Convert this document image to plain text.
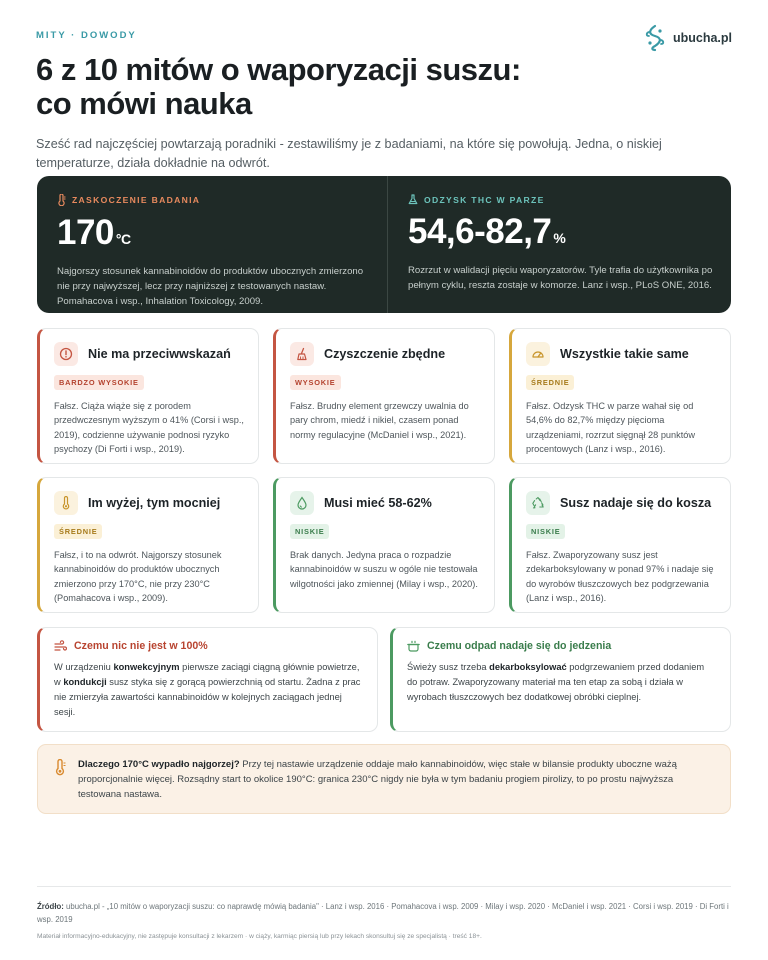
MITY · DOWODY	ubucha.pl
6 z 10 mitów o waporyzacji suszu:
co mówi nauka

Sześć rad najczęściej powtarzają poradniki - zestawiliśmy je z badaniami, na które się powołują. Jedna, o niskiej temperaturze, działa dokładnie na odwrót.

ZASKOCZENIE BADANIA
170 °C
Najgorszy stosunek kannabinoidów do produktów ubocznych zmierzono nie przy najwyższej, lecz przy najniższej z testowanych nastaw. Pomahacova i wsp., Inhalation Toxicology, 2009.
ODZYSK THC W PARZE
54,6-82,7 %
Rozrzut w walidacji pięciu waporyzatorów. Tyle trafia do użytkownika po pełnym cyklu, reszta zostaje w komorze. Lanz i wsp., PLoS ONE, 2016.
Nie ma przeciwwskazań
BARDZO WYSOKIE
Fałsz. Ciąża wiąże się z porodem przedwczesnym wyższym o 41% (Corsi i wsp., 2019), codzienne używanie podnosi ryzyko psychozy (Di Forti i wsp., 2019).
Czyszczenie zbędne
WYSOKIE
Fałsz. Brudny element grzewczy uwalnia do pary chrom, miedź i nikiel, czasem ponad normy regulacyjne (McDaniel i wsp., 2021).
Wszystkie takie same
ŚREDNIE
Fałsz. Odzysk THC w parze wahał się od 54,6% do 82,7% między pięcioma urządzeniami, rozrzut sięgnął 28 punktów procentowych (Lanz i wsp., 2016).
Im wyżej, tym mocniej
ŚREDNIE
Fałsz, i to na odwrót. Najgorszy stosunek kannabinoidów do produktów ubocznych zmierzono przy 170°C, nie przy 230°C (Pomahacova i wsp., 2009).
Musi mieć 58-62%
NISKIE
Brak danych. Jedyna praca o rozpadzie kannabinoidów w suszu w ogóle nie testowała wilgotności jako zmiennej (Milay i wsp., 2020).
Susz nadaje się do kosza
NISKIE
Fałsz. Zwaporyzowany susz jest zdekarboksylowany w ponad 97% i nadaje się do wyrobów tłuszczowych bez podgrzewania (Lanz i wsp., 2016).
Czemu nic nie jest w 100%

W urządzeniu konwekcyjnym pierwsze zaciągi ciągną głównie powietrze, w kondukcji susz styka się z gorącą powierzchnią od startu. Żadna z prac nie zmierzyła zawartości kannabinoidów w kolejnych zaciągach jednej sesji.

Czemu odpad nadaje się do jedzenia

Świeży susz trzeba dekarboksylować podgrzewaniem przed dodaniem do potraw. Zwaporyzowany materiał ma ten etap za sobą i działa w wyrobach tłuszczowych bez dodatkowej obróbki cieplnej.

Dlaczego 170°C wypadło najgorzej? Przy tej nastawie urządzenie oddaje mało kannabinoidów, więc stałe w bilansie produkty uboczne ważą proporcjonalnie więcej. Rozsądny start to okolice 190°C: granica 230°C nigdy nie była w tym badaniu progiem pirolizy, to po prostu najwyższa testowana nastawa.

Źródło: ubucha.pl - „10 mitów o waporyzacji suszu: co naprawdę mówią badania" · Lanz i wsp. 2016 · Pomahacova i wsp. 2009 · Milay i wsp. 2020 · McDaniel i wsp. 2021 · Corsi i wsp. 2019 · Di Forti i wsp. 2019

Materiał informacyjno-edukacyjny, nie zastępuje konsultacji z lekarzem · w ciąży, karmiąc piersią lub przy lekach skonsultuj się ze specjalistą · treść 18+.
